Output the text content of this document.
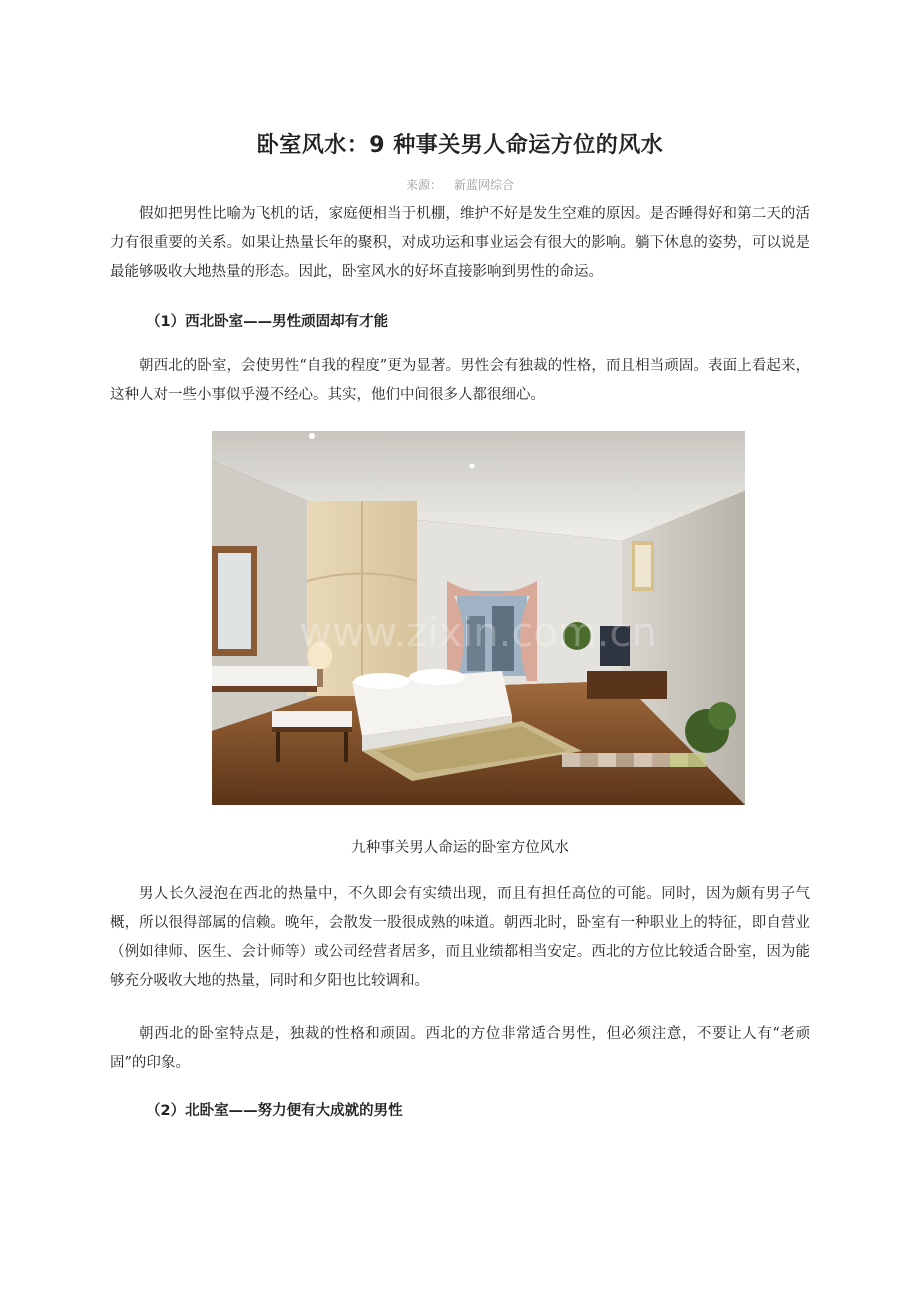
卧室风水：9 种事关男人命运方位的风水
来源： 新蓝网综合

假如把男性比喻为飞机的话，家庭便相当于机棚，维护不好是发生空难的原因。是否睡得好和第二天的活力有很重要的关系。如果让热量长年的聚积，对成功运和事业运会有很大的影响。躺下休息的姿势，可以说是最能够吸收大地热量的形态。因此，卧室风水的好坏直接影响到男性的命运。

（1）西北卧室——男性顽固却有才能

朝西北的卧室，会使男性“自我的程度”更为显著。男性会有独裁的性格，而且相当顽固。表面上看起来，这种人对一些小事似乎漫不经心。其实，他们中间很多人都很细心。

www.zixin.com.cn
九种事关男人命运的卧室方位风水

男人长久浸泡在西北的热量中，不久即会有实绩出现，而且有担任高位的可能。同时，因为颇有男子气概，所以很得部属的信赖。晚年，会散发一股很成熟的味道。朝西北时，卧室有一种职业上的特征，即自营业（例如律师、医生、会计师等）或公司经营者居多，而且业绩都相当安定。西北的方位比较适合卧室，因为能够充分吸收大地的热量，同时和夕阳也比较调和。

朝西北的卧室特点是，独裁的性格和顽固。西北的方位非常适合男性，但必须注意，不要让人有“老顽固”的印象。

（2）北卧室——努力便有大成就的男性
